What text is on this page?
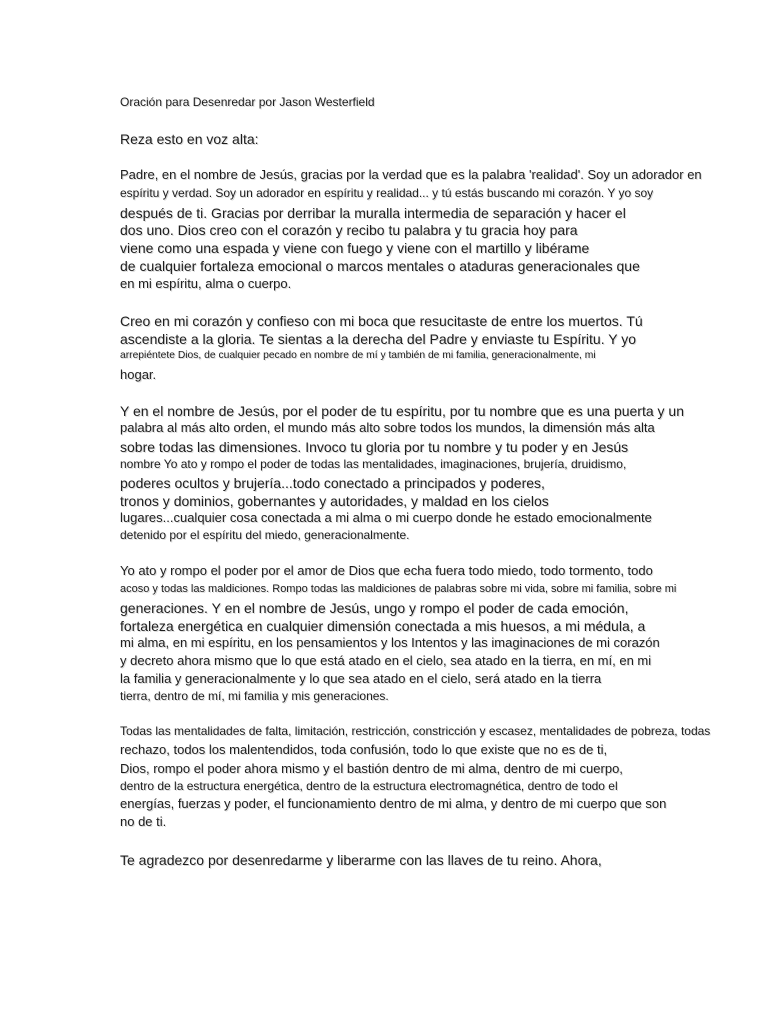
Oración para Desenredar por Jason Westerfield
Reza esto en voz alta:
Padre, en el nombre de Jesús, gracias por la verdad que es la palabra 'realidad'. Soy un adorador en
espíritu y verdad. Soy un adorador en espíritu y realidad... y tú estás buscando mi corazón. Y yo soy
después de ti. Gracias por derribar la muralla intermedia de separación y hacer el
dos uno. Dios creo con el corazón y recibo tu palabra y tu gracia hoy para
viene como una espada y viene con fuego y viene con el martillo y libérame
de cualquier fortaleza emocional o marcos mentales o ataduras generacionales que
en mi espíritu, alma o cuerpo.
Creo en mi corazón y confieso con mi boca que resucitaste de entre los muertos. Tú
ascendiste a la gloria. Te sientas a la derecha del Padre y enviaste tu Espíritu. Y yo
arrepiéntete Dios, de cualquier pecado en nombre de mí y también de mi familia, generacionalmente, mi
hogar.
Y en el nombre de Jesús, por el poder de tu espíritu, por tu nombre que es una puerta y un
palabra al más alto orden, el mundo más alto sobre todos los mundos, la dimensión más alta
sobre todas las dimensiones. Invoco tu gloria por tu nombre y tu poder y en Jesús
nombre Yo ato y rompo el poder de todas las mentalidades, imaginaciones, brujería, druidismo,
poderes ocultos y brujería...todo conectado a principados y poderes,
tronos y dominios, gobernantes y autoridades, y maldad en los cielos
lugares...cualquier cosa conectada a mi alma o mi cuerpo donde he estado emocionalmente
detenido por el espíritu del miedo, generacionalmente.
Yo ato y rompo el poder por el amor de Dios que echa fuera todo miedo, todo tormento, todo
acoso y todas las maldiciones. Rompo todas las maldiciones de palabras sobre mi vida, sobre mi familia, sobre mi
generaciones. Y en el nombre de Jesús, ungo y rompo el poder de cada emoción,
fortaleza energética en cualquier dimensión conectada a mis huesos, a mi médula, a
mi alma, en mi espíritu, en los pensamientos y los Intentos y las imaginaciones de mi corazón
y decreto ahora mismo que lo que está atado en el cielo, sea atado en la tierra, en mí, en mi
la familia y generacionalmente y lo que sea atado en el cielo, será atado en la tierra
tierra, dentro de mí, mi familia y mis generaciones.
Todas las mentalidades de falta, limitación, restricción, constricción y escasez, mentalidades de pobreza, todas
rechazo, todos los malentendidos, toda confusión, todo lo que existe que no es de ti,
Dios, rompo el poder ahora mismo y el bastión dentro de mi alma, dentro de mi cuerpo,
dentro de la estructura energética, dentro de la estructura electromagnética, dentro de todo el
energías, fuerzas y poder, el funcionamiento dentro de mi alma, y dentro de mi cuerpo que son
no de ti.
Te agradezco por desenredarme y liberarme con las llaves de tu reino. Ahora,
